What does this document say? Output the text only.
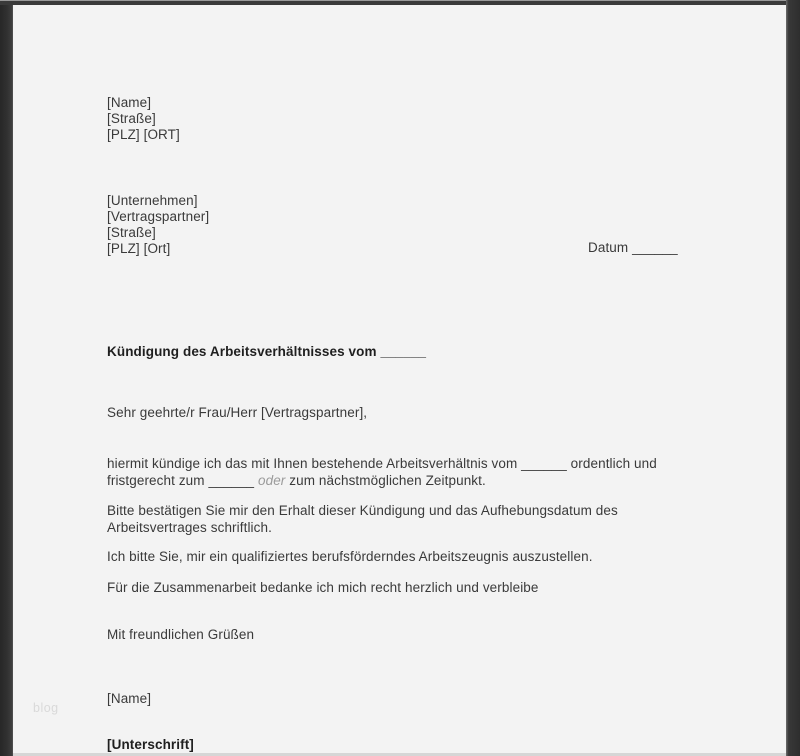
blog
[Name]
[Straße]
[PLZ] [ORT]
[Unternehmen]
[Vertragspartner]
[Straße]
[PLZ] [Ort]	Datum ______
Kündigung des Arbeitsverhältnisses vom ______
Sehr geehrte/r Frau/Herr [Vertragspartner],
hiermit kündige ich das mit Ihnen bestehende Arbeitsverhältnis vom ______ ordentlich und
fristgerecht zum ______ oder zum nächstmöglichen Zeitpunkt.
Bitte bestätigen Sie mir den Erhalt dieser Kündigung und das Aufhebungsdatum des
Arbeitsvertrages schriftlich.
Ich bitte Sie, mir ein qualifiziertes berufsförderndes Arbeitszeugnis auszustellen.
Für die Zusammenarbeit bedanke ich mich recht herzlich und verbleibe
Mit freundlichen Grüßen
[Name]
[Unterschrift]
